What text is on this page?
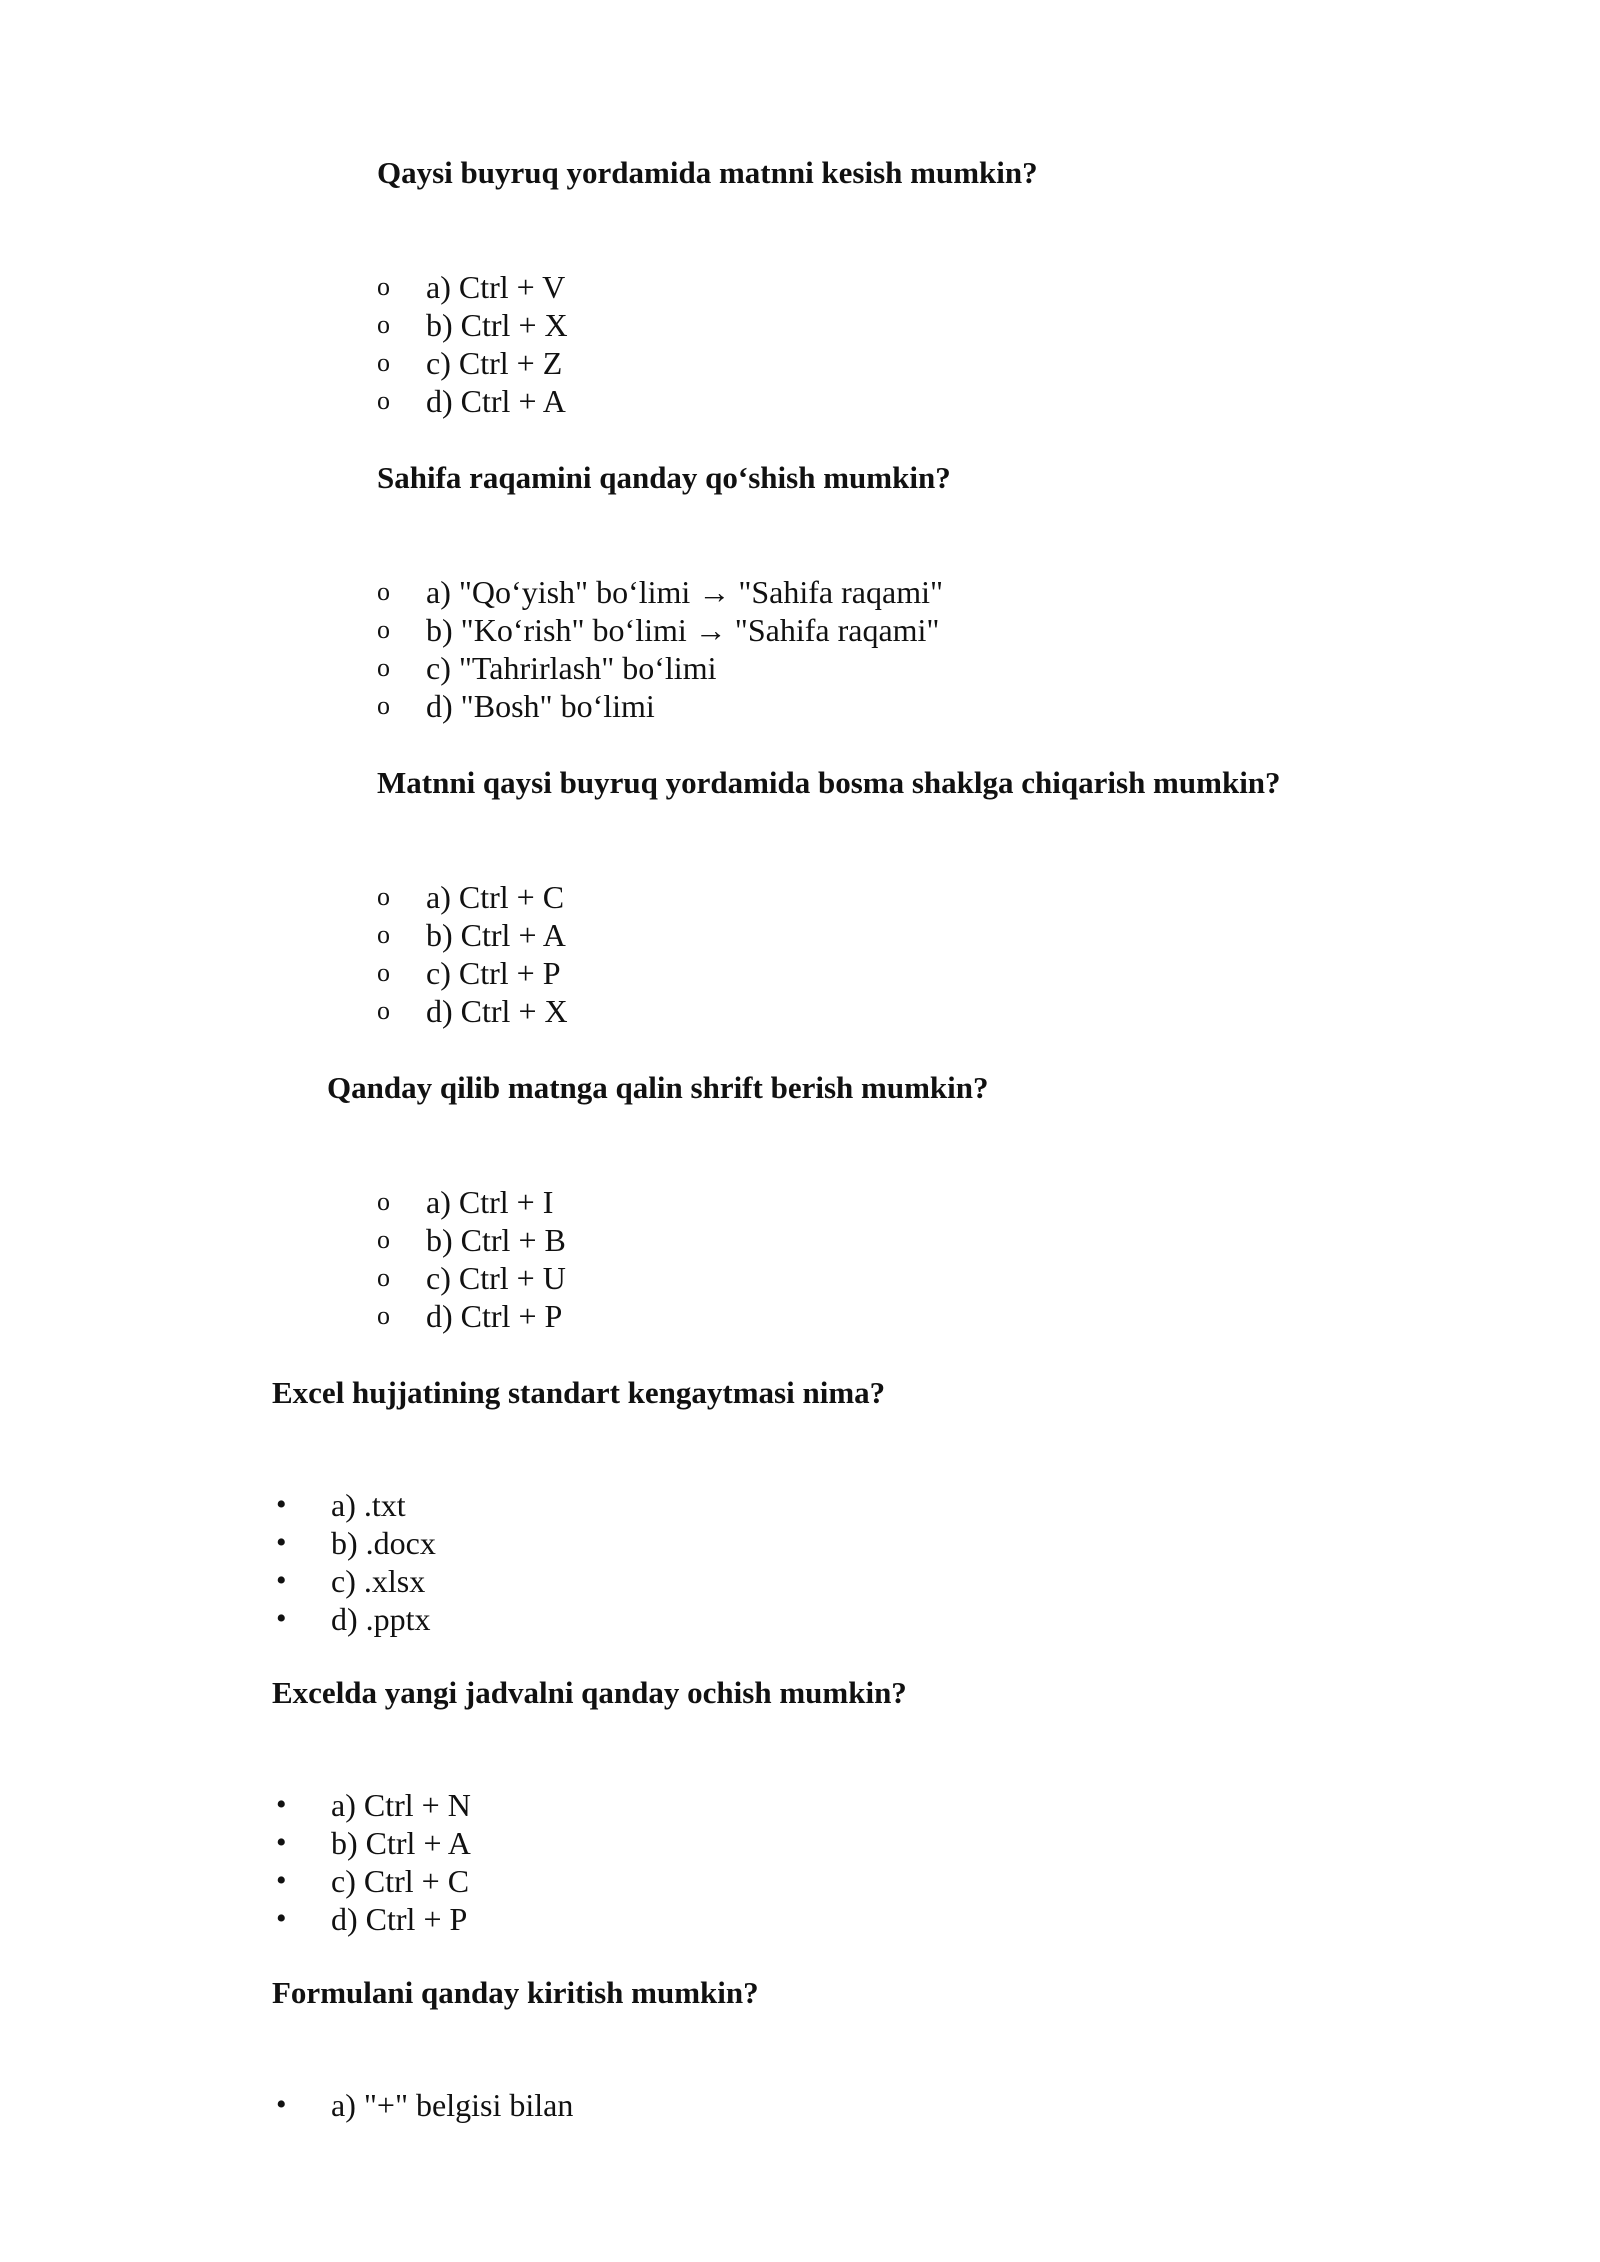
Qaysi buyruq yordamida matnni kesish mumkin?

o a) Ctrl + V
o b) Ctrl + X
o c) Ctrl + Z
o d) Ctrl + A

Sahifa raqamini qanday qo‘shish mumkin?

o a) "Qo‘yish" bo‘limi → "Sahifa raqami"
o b) "Ko‘rish" bo‘limi → "Sahifa raqami"
o c) "Tahrirlash" bo‘limi
o d) "Bosh" bo‘limi

Matnni qaysi buyruq yordamida bosma shaklga chiqarish mumkin?

o a) Ctrl + C
o b) Ctrl + A
o c) Ctrl + P
o d) Ctrl + X

Qanday qilib matnga qalin shrift berish mumkin?

o a) Ctrl + I
o b) Ctrl + B
o c) Ctrl + U
o d) Ctrl + P

Excel hujjatining standart kengaytmasi nima?

• a) .txt
• b) .docx
• c) .xlsx
• d) .pptx

Excelda yangi jadvalni qanday ochish mumkin?

• a) Ctrl + N
• b) Ctrl + A
• c) Ctrl + C
• d) Ctrl + P

Formulani qanday kiritish mumkin?

• a) "+" belgisi bilan
